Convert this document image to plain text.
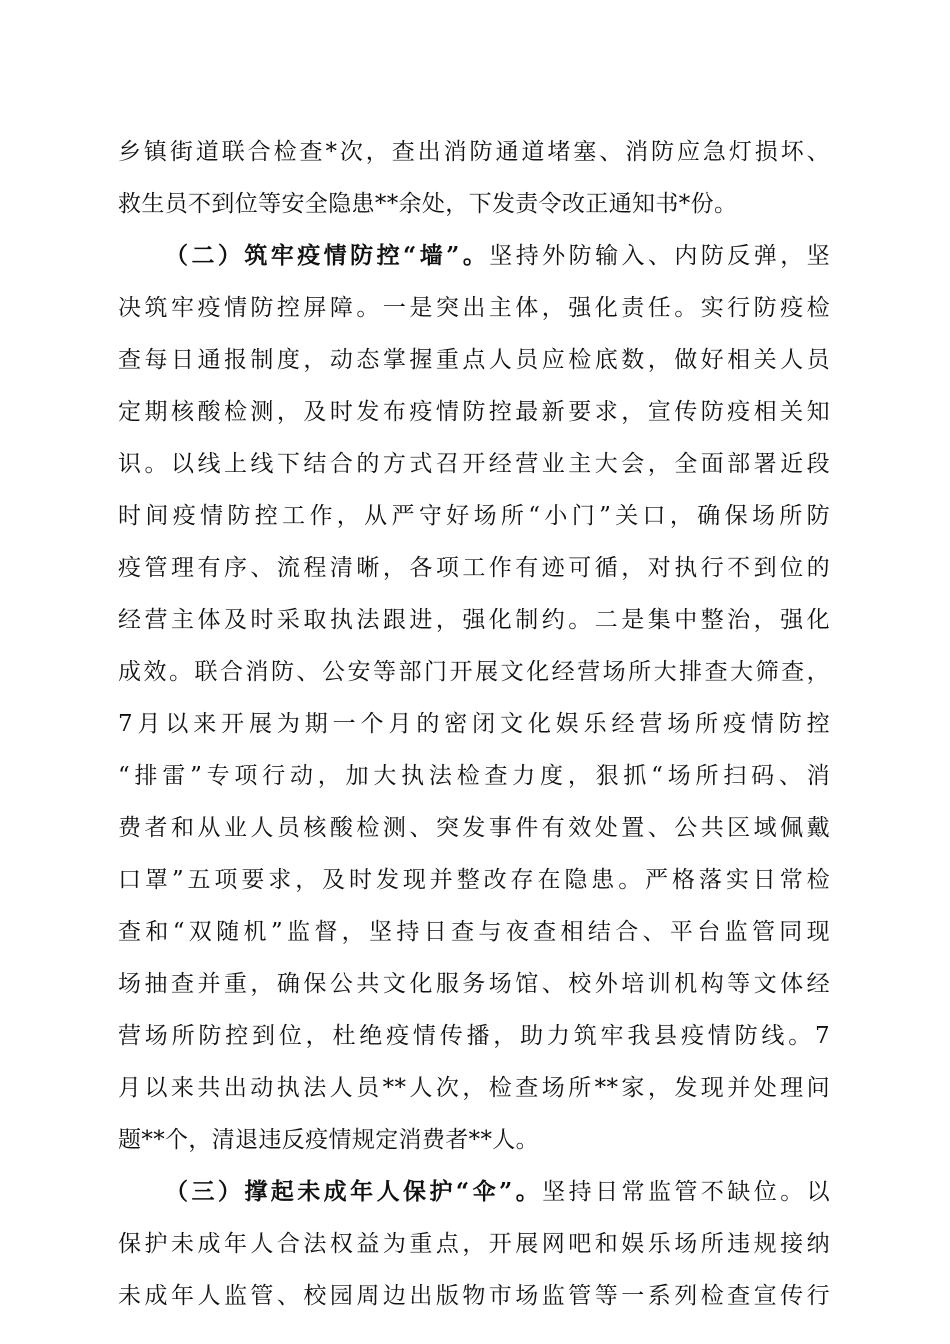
乡镇街道联合检查*次，查出消防通道堵塞、消防应急灯损坏、
救生员不到位等安全隐患**余处，下发责令改正通知书*份。
（二）筑牢疫情防控“墙”。坚持外防输入、内防反弹，坚
决筑牢疫情防控屏障。一是突出主体，强化责任。实行防疫检
查每日通报制度，动态掌握重点人员应检底数，做好相关人员
定期核酸检测，及时发布疫情防控最新要求，宣传防疫相关知
识。以线上线下结合的方式召开经营业主大会，全面部署近段
时间疫情防控工作，从严守好场所“小门”关口，确保场所防
疫管理有序、流程清晰，各项工作有迹可循，对执行不到位的
经营主体及时采取执法跟进，强化制约。二是集中整治，强化
成效。联合消防、公安等部门开展文化经营场所大排查大筛查，
7月以来开展为期一个月的密闭文化娱乐经营场所疫情防控
“排雷”专项行动，加大执法检查力度，狠抓“场所扫码、消
费者和从业人员核酸检测、突发事件有效处置、公共区域佩戴
口罩”五项要求，及时发现并整改存在隐患。严格落实日常检
查和“双随机”监督，坚持日查与夜查相结合、平台监管同现
场抽查并重，确保公共文化服务场馆、校外培训机构等文体经
营场所防控到位，杜绝疫情传播，助力筑牢我县疫情防线。7
月以来共出动执法人员**人次，检查场所**家，发现并处理问
题**个，清退违反疫情规定消费者**人。
（三）撑起未成年人保护“伞”。坚持日常监管不缺位。以
保护未成年人合法权益为重点，开展网吧和娱乐场所违规接纳
未成年人监管、校园周边出版物市场监管等一系列检查宣传行
